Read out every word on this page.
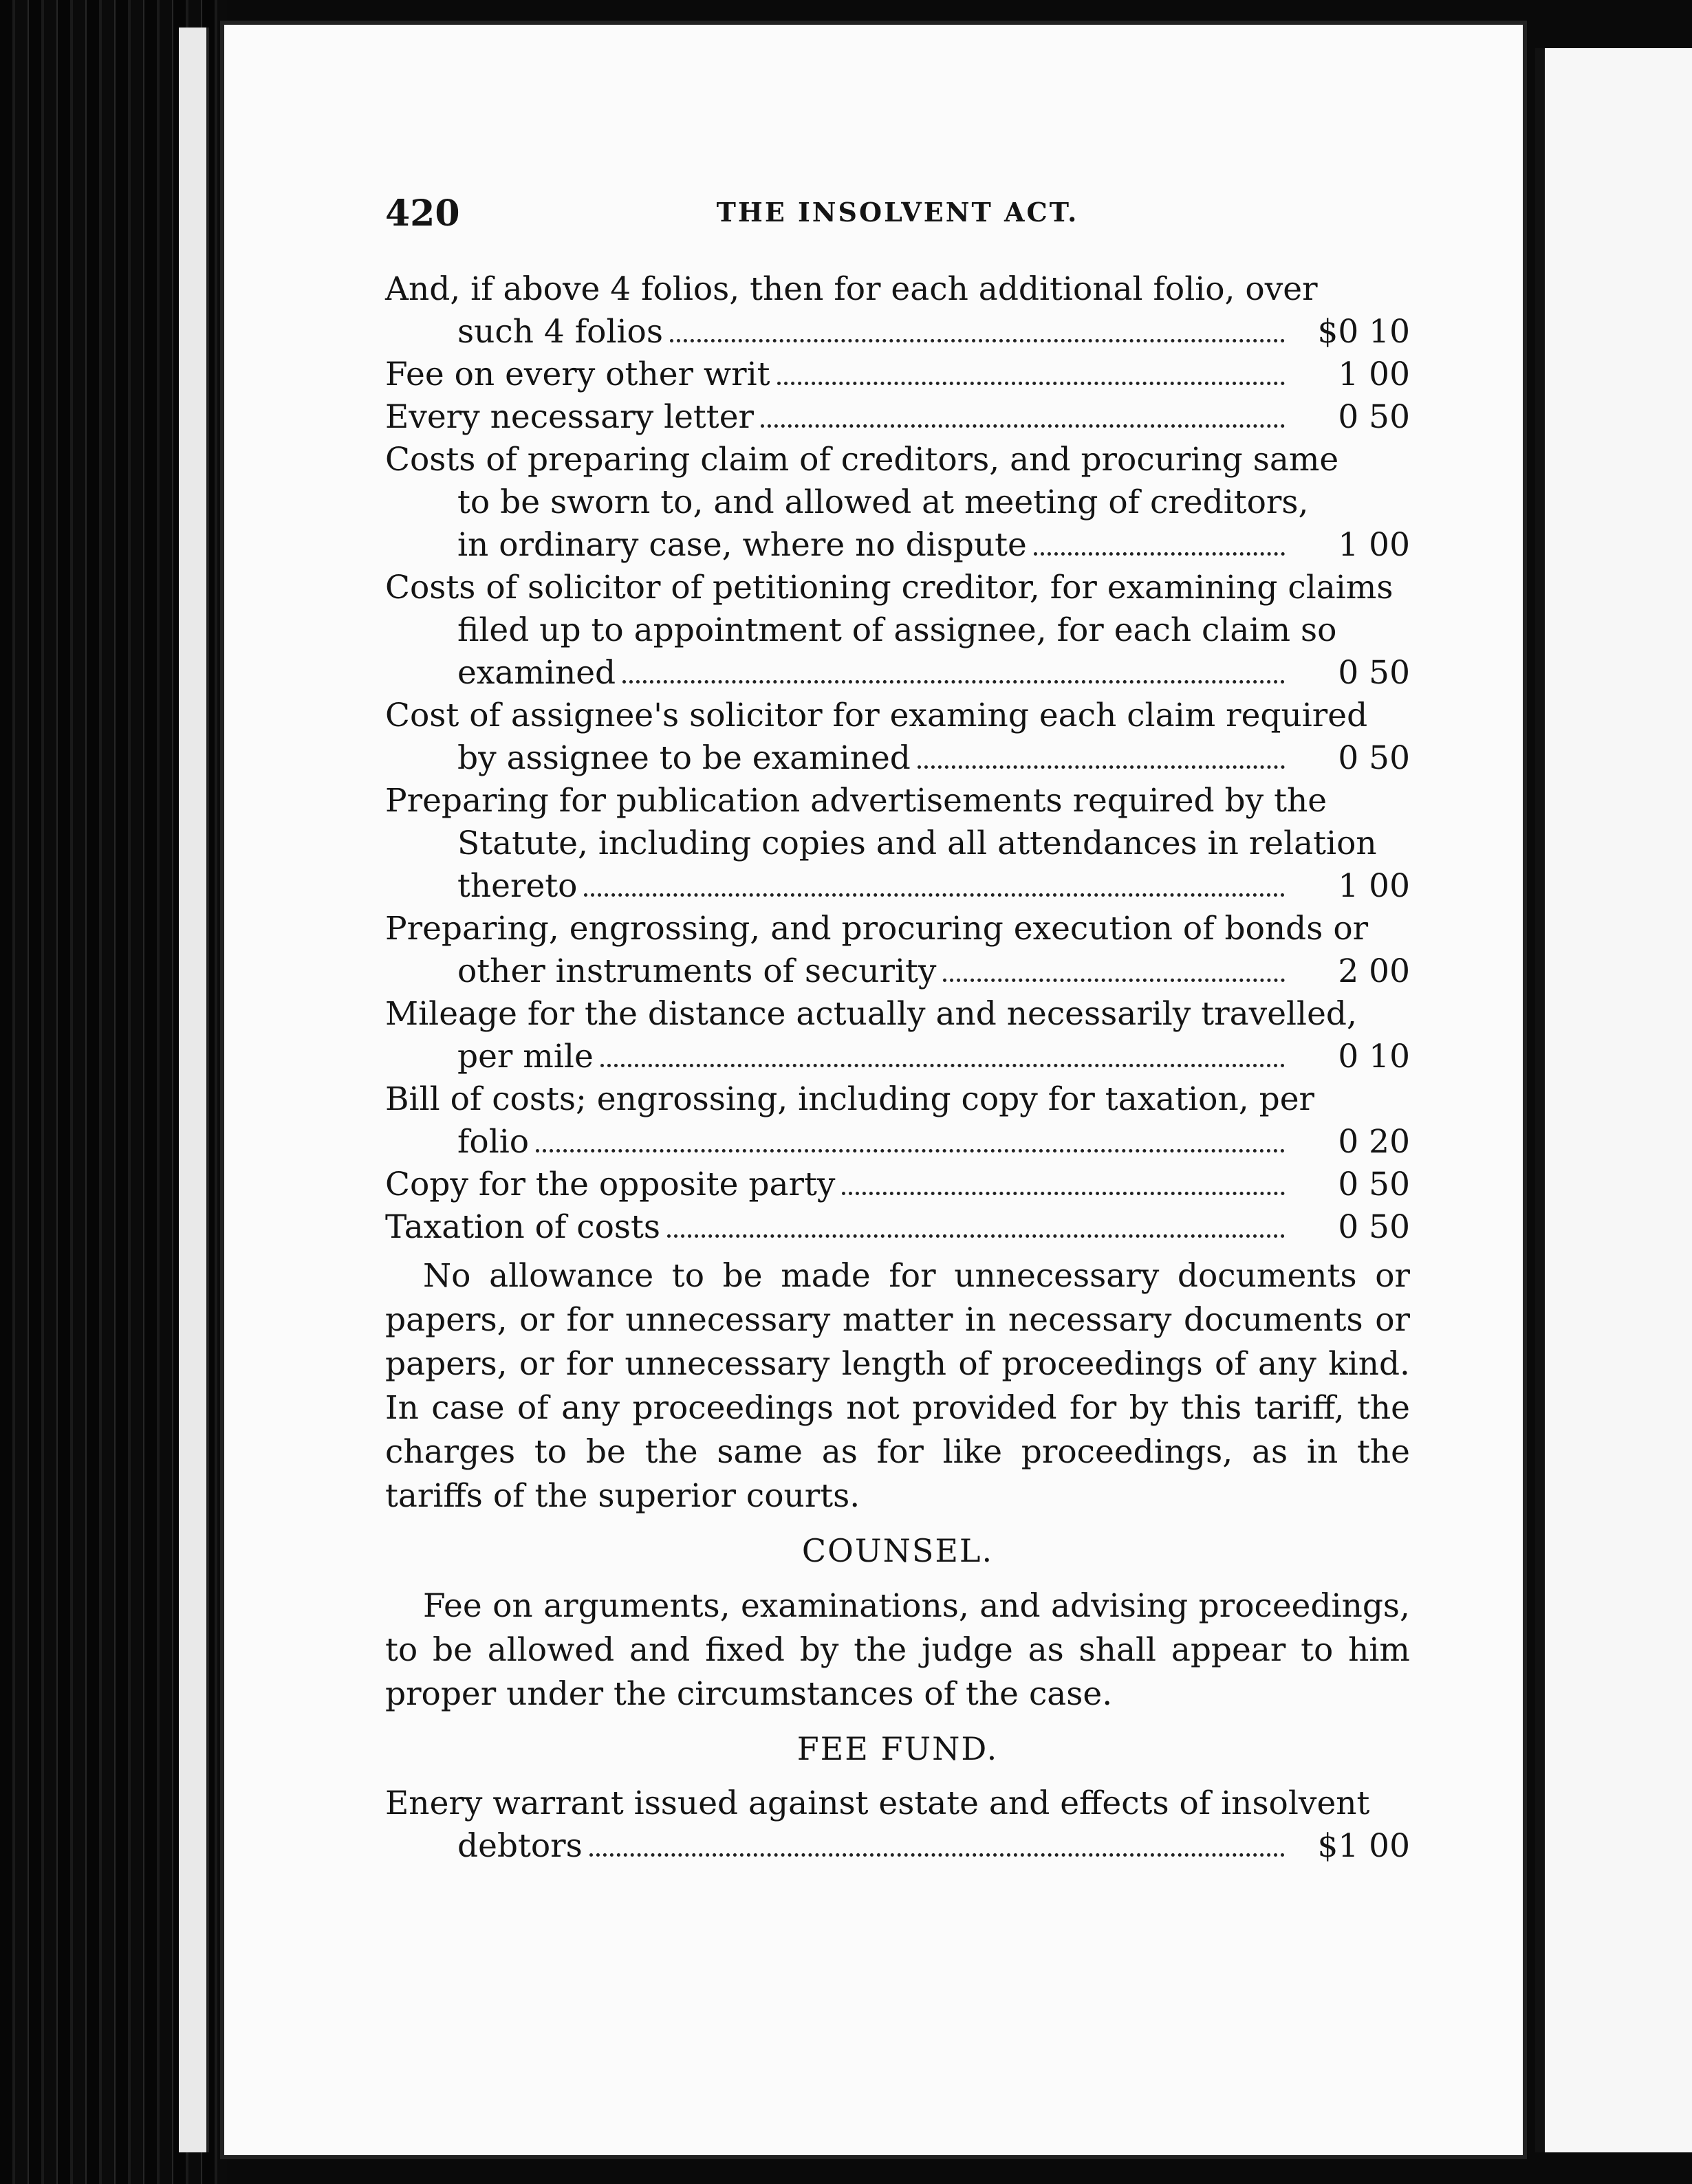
420	THE INSOLVENT ACT.
And, if above 4 folios, then for each additional folio, over
such 4 folios	$0 10
Fee on every other writ	1 00
Every necessary letter	0 50
Costs of preparing claim of creditors, and procuring same
to be sworn to, and allowed at meeting of creditors,
in ordinary case, where no dispute	1 00
Costs of solicitor of petitioning creditor, for examining claims
filed up to appointment of assignee, for each claim so
examined	0 50
Cost of assignee's solicitor for examing each claim required
by assignee to be examined	0 50
Preparing for publication advertisements required by the
Statute, including copies and all attendances in relation
thereto	1 00
Preparing, engrossing, and procuring execution of bonds or
other instruments of security	2 00
Mileage for the distance actually and necessarily travelled,
per mile	0 10
Bill of costs; engrossing, including copy for taxation, per
folio	0 20
Copy for the opposite party	0 50
Taxation of costs	0 50

No allowance to be made for unnecessary documents or papers, or for unnecessary matter in necessary documents or papers, or for unnecessary length of proceedings of any kind. In case of any proceedings not provided for by this tariff, the charges to be the same as for like proceedings, as in the tariffs of the superior courts.

COUNSEL.

Fee on arguments, examinations, and advising proceedings, to be allowed and fixed by the judge as shall appear to him proper under the circumstances of the case.

FEE FUND.
Enery warrant issued against estate and effects of insolvent
debtors	$1 00
